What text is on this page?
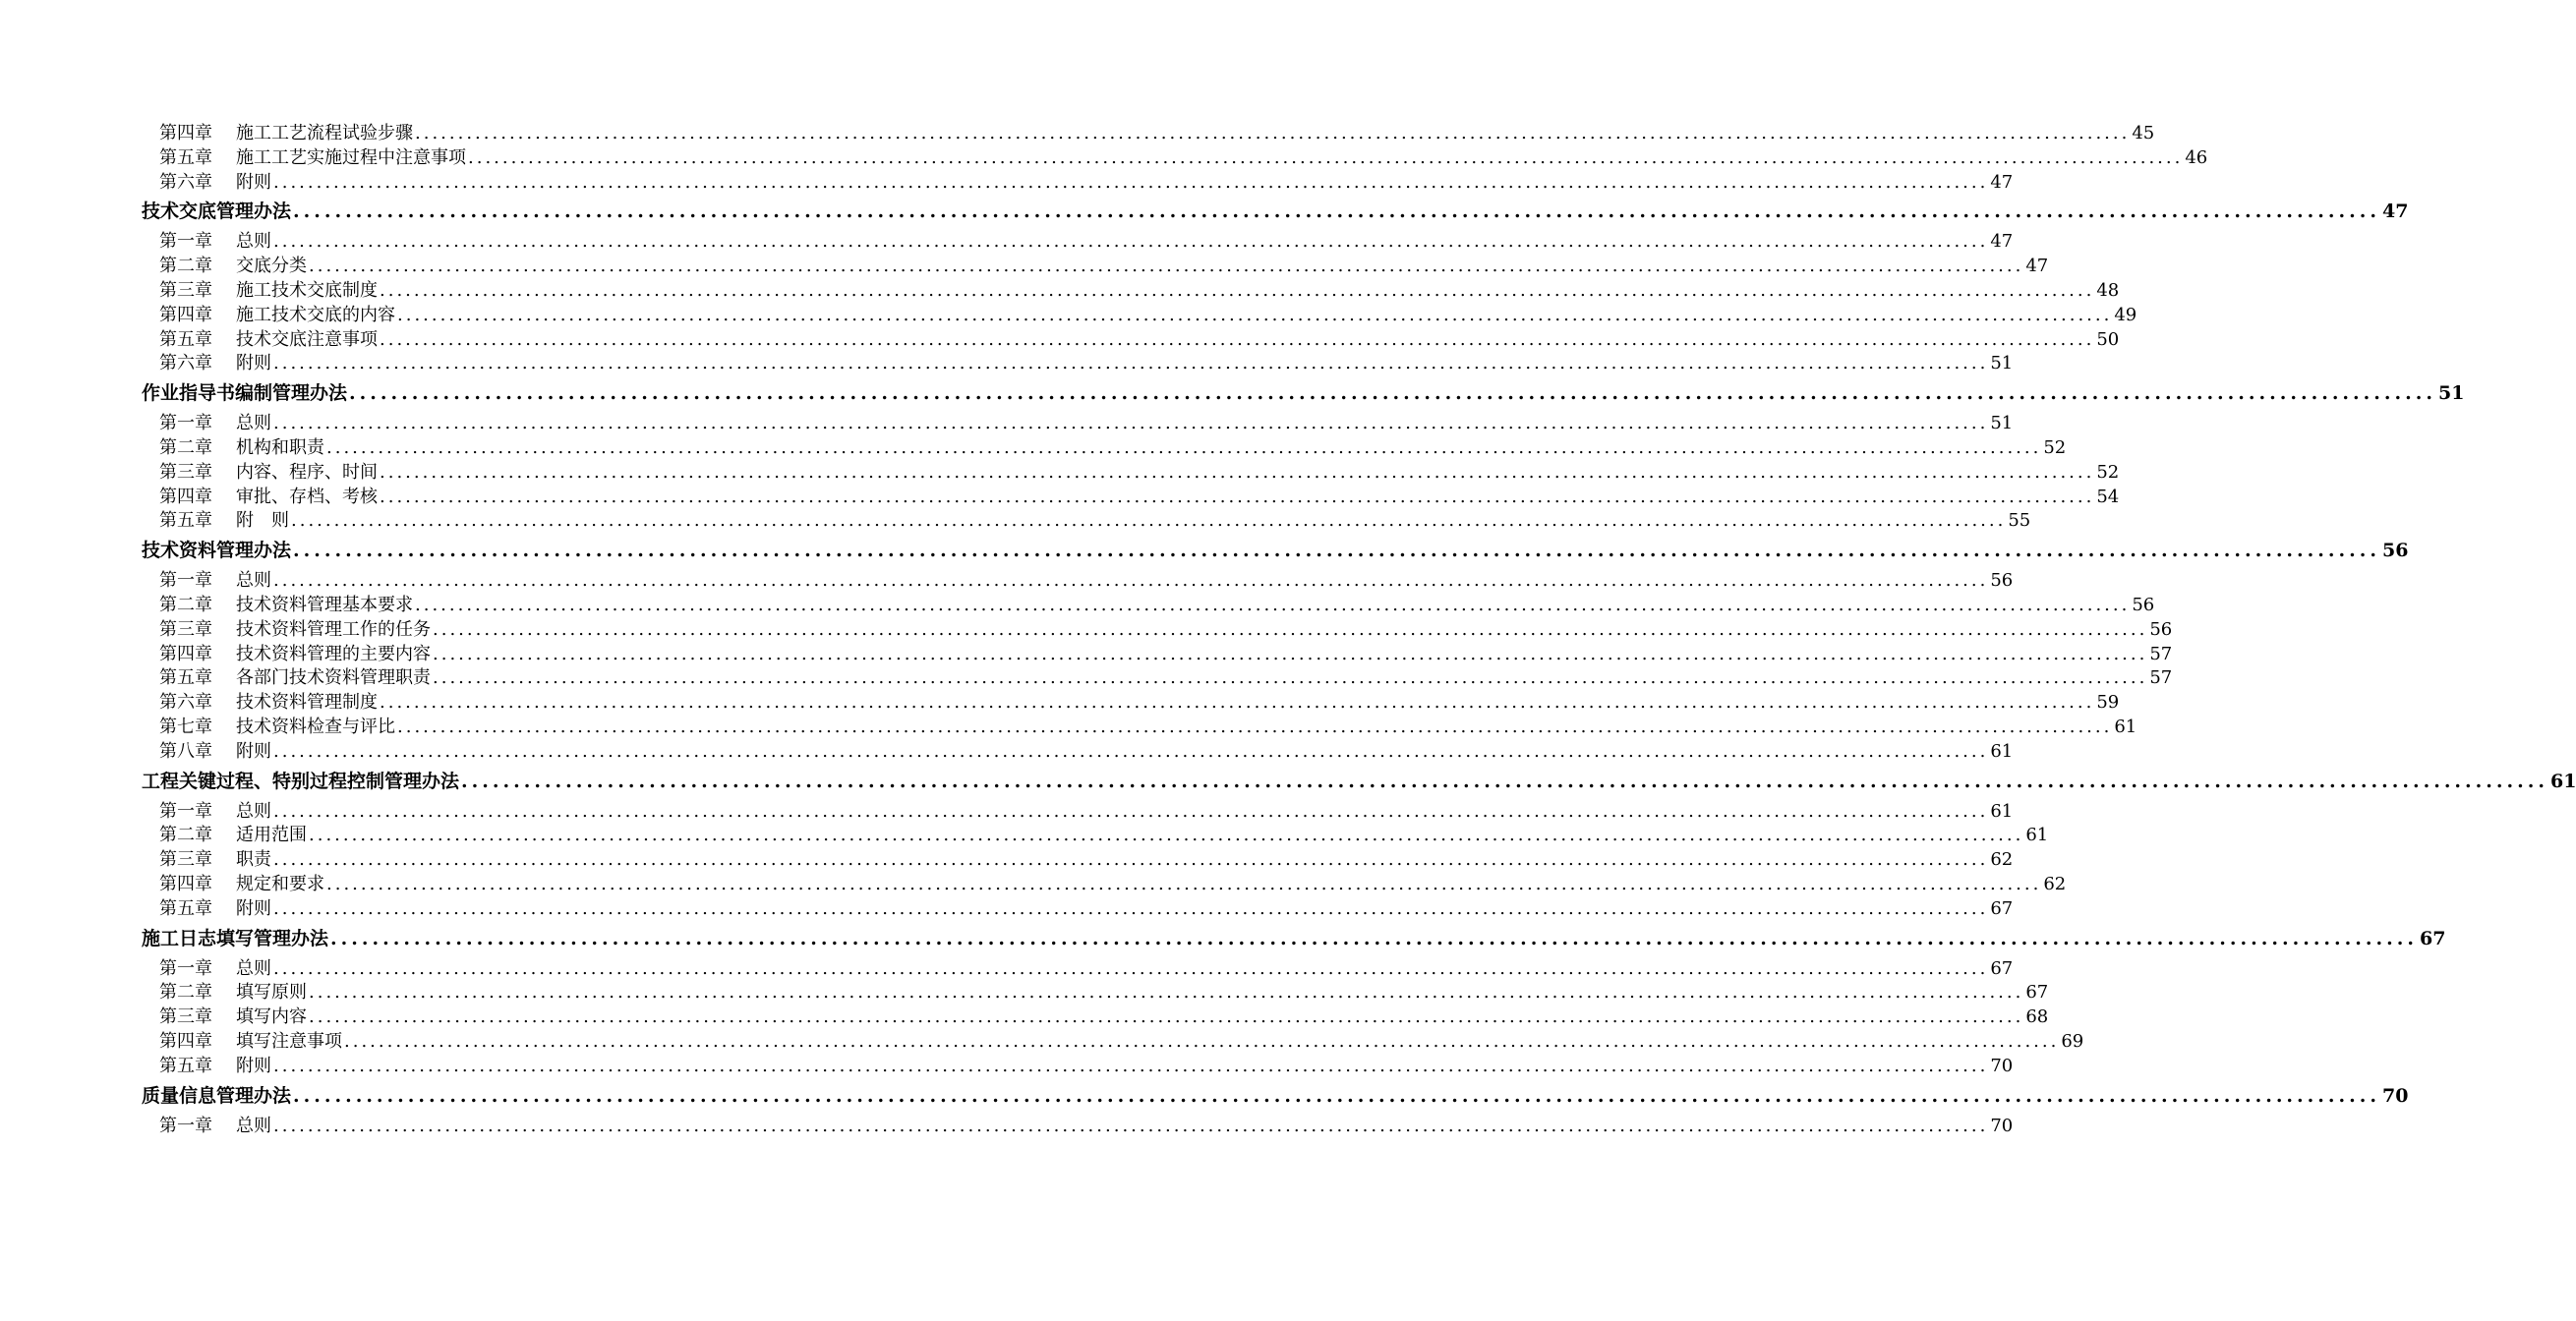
第四章 施工工艺流程试验步骤 ........................................................................................................................................................................................................ 45
第五章 施工工艺实施过程中注意事项 ........................................................................................................................................................................................................ 46
第六章 附则 ........................................................................................................................................................................................................ 47
技术交底管理办法 ........................................................................................................................................................................................................ 47
第一章 总则 ........................................................................................................................................................................................................ 47
第二章 交底分类 ........................................................................................................................................................................................................ 47
第三章 施工技术交底制度 ........................................................................................................................................................................................................ 48
第四章 施工技术交底的内容 ........................................................................................................................................................................................................ 49
第五章 技术交底注意事项 ........................................................................................................................................................................................................ 50
第六章 附则 ........................................................................................................................................................................................................ 51
作业指导书编制管理办法 ........................................................................................................................................................................................................ 51
第一章 总则 ........................................................................................................................................................................................................ 51
第二章 机构和职责 ........................................................................................................................................................................................................ 52
第三章 内容、程序、时间 ........................................................................................................................................................................................................ 52
第四章 审批、存档、考核 ........................................................................................................................................................................................................ 54
第五章 附　则 ........................................................................................................................................................................................................ 55
技术资料管理办法 ........................................................................................................................................................................................................ 56
第一章 总则 ........................................................................................................................................................................................................ 56
第二章 技术资料管理基本要求 ........................................................................................................................................................................................................ 56
第三章 技术资料管理工作的任务 ........................................................................................................................................................................................................ 56
第四章 技术资料管理的主要内容 ........................................................................................................................................................................................................ 57
第五章 各部门技术资料管理职责 ........................................................................................................................................................................................................ 57
第六章 技术资料管理制度 ........................................................................................................................................................................................................ 59
第七章 技术资料检查与评比 ........................................................................................................................................................................................................ 61
第八章 附则 ........................................................................................................................................................................................................ 61
工程关键过程、特别过程控制管理办法 ........................................................................................................................................................................................................ 61
第一章 总则 ........................................................................................................................................................................................................ 61
第二章 适用范围 ........................................................................................................................................................................................................ 61
第三章 职责 ........................................................................................................................................................................................................ 62
第四章 规定和要求 ........................................................................................................................................................................................................ 62
第五章 附则 ........................................................................................................................................................................................................ 67
施工日志填写管理办法 ........................................................................................................................................................................................................ 67
第一章 总则 ........................................................................................................................................................................................................ 67
第二章 填写原则 ........................................................................................................................................................................................................ 67
第三章 填写内容 ........................................................................................................................................................................................................ 68
第四章 填写注意事项 ........................................................................................................................................................................................................ 69
第五章 附则 ........................................................................................................................................................................................................ 70
质量信息管理办法 ........................................................................................................................................................................................................ 70
第一章 总则 ........................................................................................................................................................................................................ 70
